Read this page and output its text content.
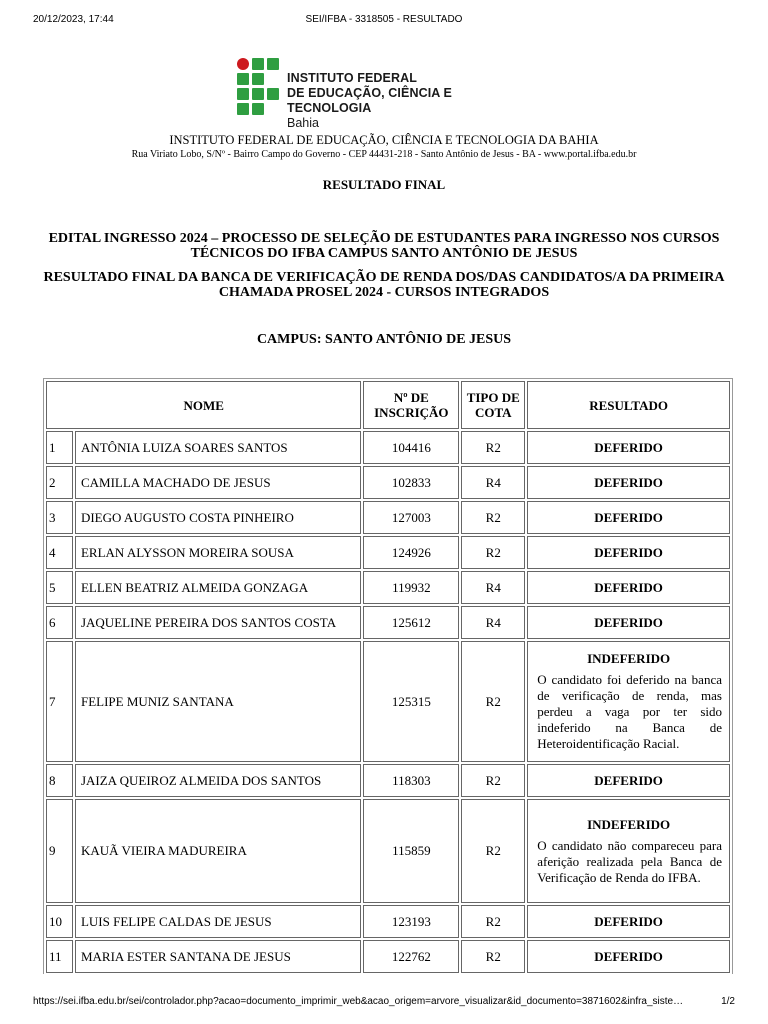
20/12/2023, 17:44	SEI/IFBA - 3318505 - RESULTADO
INSTITUTO FEDERAL
DE EDUCAÇÃO, CIÊNCIA E TECNOLOGIA
Bahia
INSTITUTO FEDERAL DE EDUCAÇÃO, CIÊNCIA E TECNOLOGIA DA BAHIA
Rua Viriato Lobo, S/Nº - Bairro Campo do Governo - CEP 44431-218 - Santo Antônio de Jesus - BA - www.portal.ifba.edu.br
RESULTADO FINAL
EDITAL INGRESSO 2024 – PROCESSO DE SELEÇÃO DE ESTUDANTES PARA INGRESSO NOS CURSOS TÉCNICOS DO IFBA CAMPUS SANTO ANTÔNIO DE JESUS
RESULTADO FINAL DA BANCA DE VERIFICAÇÃO DE RENDA DOS/DAS CANDIDATOS/A DA PRIMEIRA CHAMADA PROSEL 2024 - CURSOS INTEGRADOS
CAMPUS: SANTO ANTÔNIO DE JESUS
NOME		Nº DE INSCRIÇÃO	TIPO DE COTA	RESULTADO
1	ANTÔNIA LUIZA SOARES SANTOS	104416	R2	DEFERIDO
2	CAMILLA MACHADO DE JESUS	102833	R4	DEFERIDO
3	DIEGO AUGUSTO COSTA PINHEIRO	127003	R2	DEFERIDO
4	ERLAN ALYSSON MOREIRA SOUSA	124926	R2	DEFERIDO
5	ELLEN BEATRIZ ALMEIDA GONZAGA	119932	R4	DEFERIDO
6	JAQUELINE PEREIRA DOS SANTOS COSTA	125612	R4	DEFERIDO
7	FELIPE MUNIZ SANTANA	125315	R2	INDEFERIDO
O candidato foi deferido na banca de verificação de renda, mas perdeu a vaga por ter sido indeferido na Banca de Heteroidentificação Racial.

8	JAIZA QUEIROZ ALMEIDA DOS SANTOS	118303	R2	DEFERIDO
9	KAUÃ VIEIRA MADUREIRA	115859	R2	INDEFERIDO
O candidato não compareceu para aferição realizada pela Banca de Verificação de Renda do IFBA.

10	LUIS FELIPE CALDAS DE JESUS	123193	R2	DEFERIDO
11	MARIA ESTER SANTANA DE JESUS	122762	R2	DEFERIDO
https://sei.ifba.edu.br/sei/controlador.php?acao=documento_imprimir_web&acao_origem=arvore_visualizar&id_documento=3871602&infra_siste…	1/2
